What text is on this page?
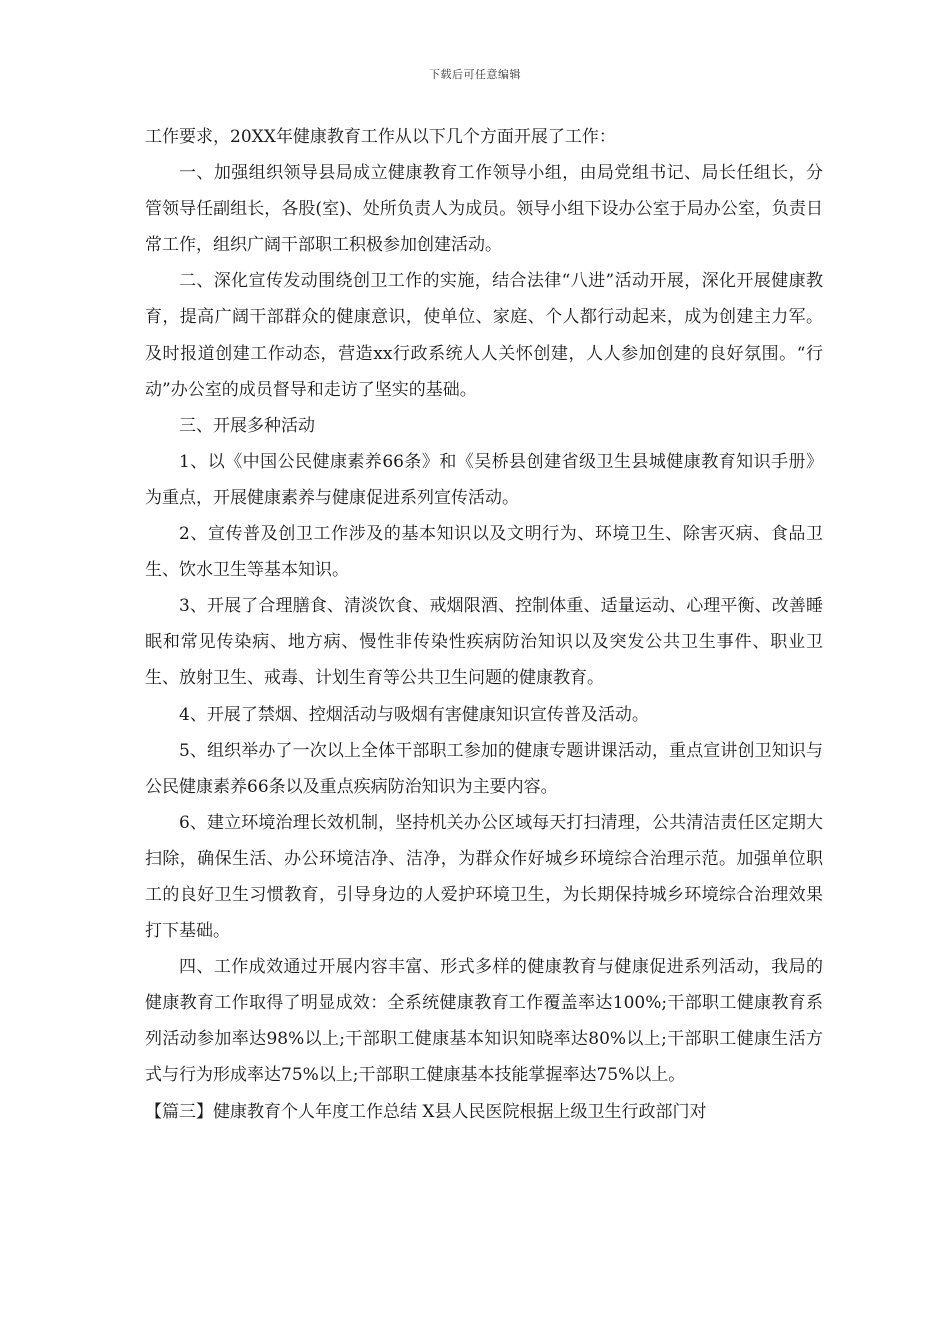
下载后可任意编辑

工作要求，20XX年健康教育工作从以下几个方面开展了工作：

一、加强组织领导县局成立健康教育工作领导小组，由局党组书记、局长任组长，分管领导任副组长，各股(室)、处所负责人为成员。领导小组下设办公室于局办公室，负责日常工作，组织广阔干部职工积极参加创建活动。

二、深化宣传发动围绕创卫工作的实施，结合法律“八进”活动开展，深化开展健康教育，提高广阔干部群众的健康意识，使单位、家庭、个人都行动起来，成为创建主力军。及时报道创建工作动态，营造xx行政系统人人关怀创建，人人参加创建的良好氛围。“行动”办公室的成员督导和走访了坚实的基础。

三、开展多种活动

1、以《中国公民健康素养66条》和《吴桥县创建省级卫生县城健康教育知识手册》为重点，开展健康素养与健康促进系列宣传活动。

2、宣传普及创卫工作涉及的基本知识以及文明行为、环境卫生、除害灭病、食品卫生、饮水卫生等基本知识。

3、开展了合理膳食、清淡饮食、戒烟限酒、控制体重、适量运动、心理平衡、改善睡眠和常见传染病、地方病、慢性非传染性疾病防治知识以及突发公共卫生事件、职业卫生、放射卫生、戒毒、计划生育等公共卫生问题的健康教育。

4、开展了禁烟、控烟活动与吸烟有害健康知识宣传普及活动。

5、组织举办了一次以上全体干部职工参加的健康专题讲课活动，重点宣讲创卫知识与公民健康素养66条以及重点疾病防治知识为主要内容。

6、建立环境治理长效机制，坚持机关办公区域每天打扫清理，公共清洁责任区定期大扫除，确保生活、办公环境洁净、洁净，为群众作好城乡环境综合治理示范。加强单位职工的良好卫生习惯教育，引导身边的人爱护环境卫生，为长期保持城乡环境综合治理效果打下基础。

四、工作成效通过开展内容丰富、形式多样的健康教育与健康促进系列活动，我局的健康教育工作取得了明显成效：全系统健康教育工作覆盖率达100%;干部职工健康教育系列活动参加率达98%以上;干部职工健康基本知识知晓率达80%以上;干部职工健康生活方式与行为形成率达75%以上;干部职工健康基本技能掌握率达75%以上。

【篇三】健康教育个人年度工作总结 X县人民医院根据上级卫生行政部门对
